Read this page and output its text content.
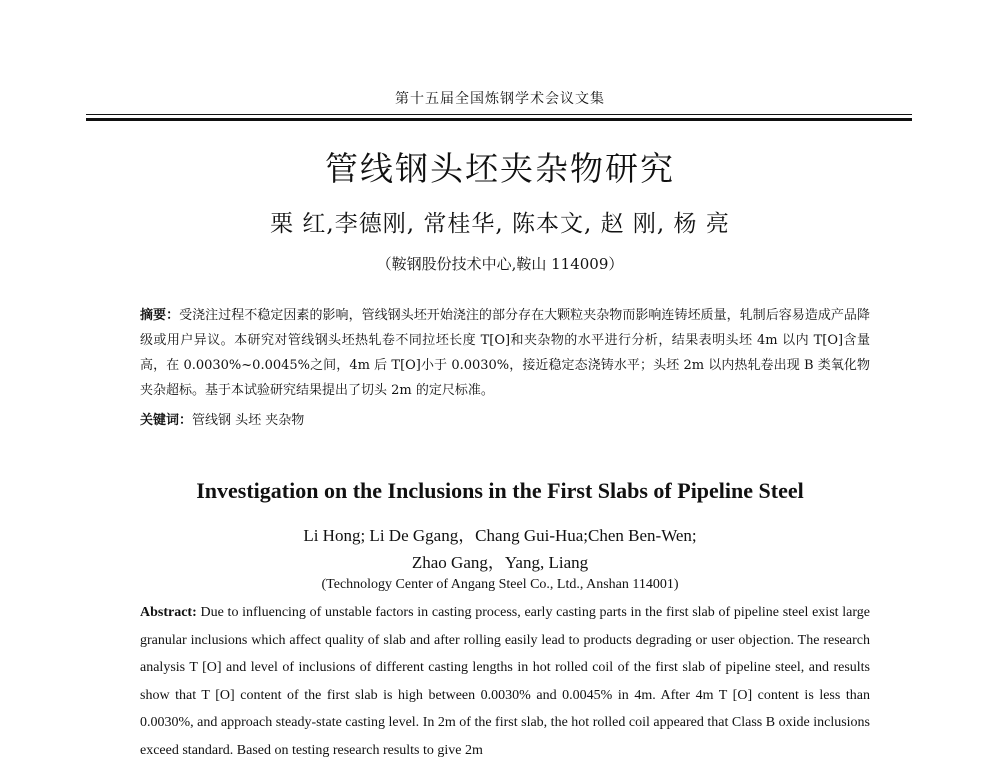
第十五届全国炼钢学术会议文集
管线钢头坯夹杂物研究
栗 红,李德刚, 常桂华, 陈本文, 赵 刚, 杨 亮
（鞍钢股份技术中心,鞍山 114009）
摘要：受浇注过程不稳定因素的影响，管线钢头坯开始浇注的部分存在大颗粒夹杂物而影响连铸坯质量，轧制后容易造成产品降级或用户异议。本研究对管线钢头坯热轧卷不同拉坯长度 T[O]和夹杂物的水平进行分析，结果表明头坯 4m 以内 T[O]含量高，在 0.0030%~0.0045%之间，4m 后 T[O]小于 0.0030%，接近稳定态浇铸水平；头坯 2m 以内热轧卷出现 B 类氧化物夹杂超标。基于本试验研究结果提出了切头 2m 的定尺标准。
关键词：管线钢 头坯 夹杂物
Investigation on the Inclusions in the First Slabs of Pipeline Steel
Li Hong; Li De Ggang，Chang Gui-Hua;Chen Ben-Wen;
Zhao Gang，Yang, Liang
(Technology Center of Angang Steel Co., Ltd., Anshan 114001)
Abstract: Due to influencing of unstable factors in casting process, early casting parts in the first slab of pipeline steel exist large granular inclusions which affect quality of slab and after rolling easily lead to products degrading or user objection. The research analysis T [O] and level of inclusions of different casting lengths in hot rolled coil of the first slab of pipeline steel, and results show that T [O] content of the first slab is high between 0.0030% and 0.0045% in 4m. After 4m T [O] content is less than 0.0030%, and approach steady-state casting level. In 2m of the first slab, the hot rolled coil appeared that Class B oxide inclusions exceed standard. Based on testing research results to give 2m
